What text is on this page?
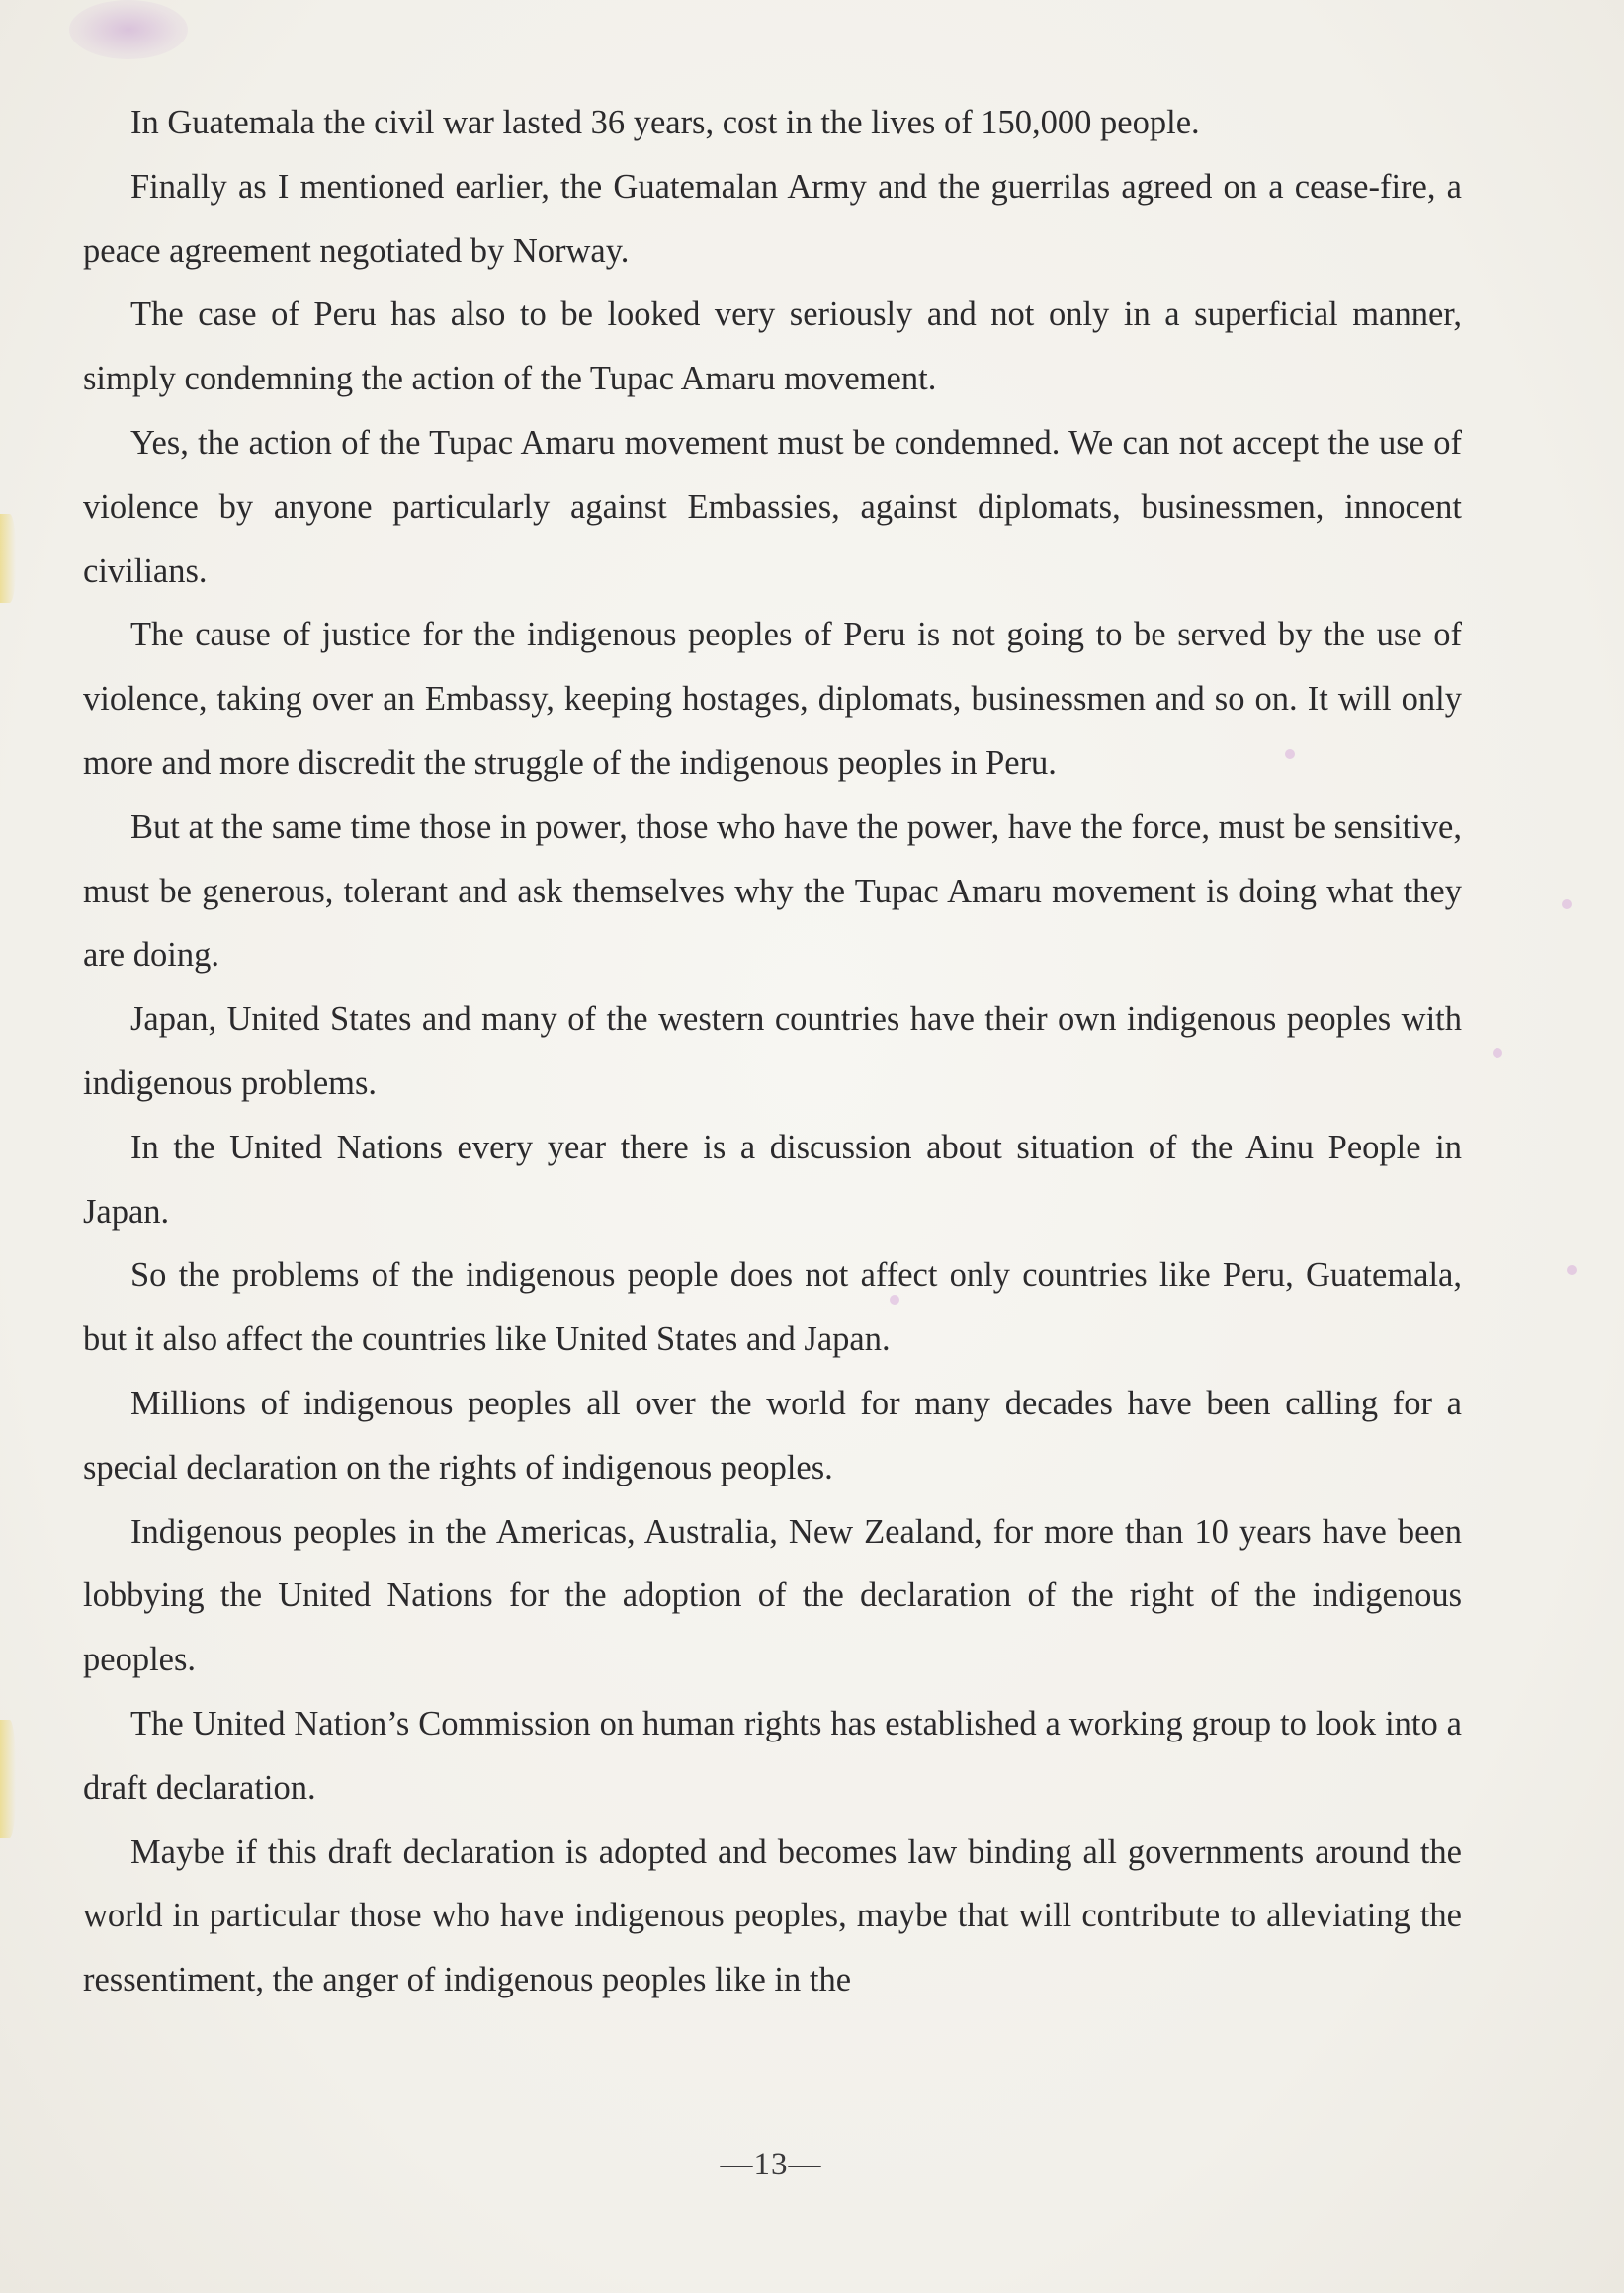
In Guatemala the civil war lasted 36 years, cost in the lives of 150,000 people.

Finally as I mentioned earlier, the Guatemalan Army and the guerrilas agreed on a cease-fire, a peace agreement negotiated by Norway.

The case of Peru has also to be looked very seriously and not only in a superficial manner, simply condemning the action of the Tupac Amaru movement.

Yes, the action of the Tupac Amaru movement must be condemned. We can not accept the use of violence by anyone particularly against Embassies, against diplomats, businessmen, innocent civilians.

The cause of justice for the indigenous peoples of Peru is not going to be served by the use of violence, taking over an Embassy, keeping hostages, diplomats, businessmen and so on. It will only more and more discredit the struggle of the indigenous peoples in Peru.

But at the same time those in power, those who have the power, have the force, must be sensitive, must be generous, tolerant and ask themselves why the Tupac Amaru movement is doing what they are doing.

Japan, United States and many of the western countries have their own indigenous peoples with indigenous problems.

In the United Nations every year there is a discussion about situation of the Ainu People in Japan.

So the problems of the indigenous people does not affect only countries like Peru, Guatemala, but it also affect the countries like United States and Japan.

Millions of indigenous peoples all over the world for many decades have been calling for a special declaration on the rights of indigenous peoples.

Indigenous peoples in the Americas, Australia, New Zealand, for more than 10 years have been lobbying the United Nations for the adoption of the declaration of the right of the indigenous peoples.

The United Nation’s Commission on human rights has established a working group to look into a draft declaration.

Maybe if this draft declaration is adopted and becomes law binding all governments around the world in particular those who have indigenous peoples, maybe that will contribute to alleviating the ressentiment, the anger of indigenous peoples like in the

—13—
